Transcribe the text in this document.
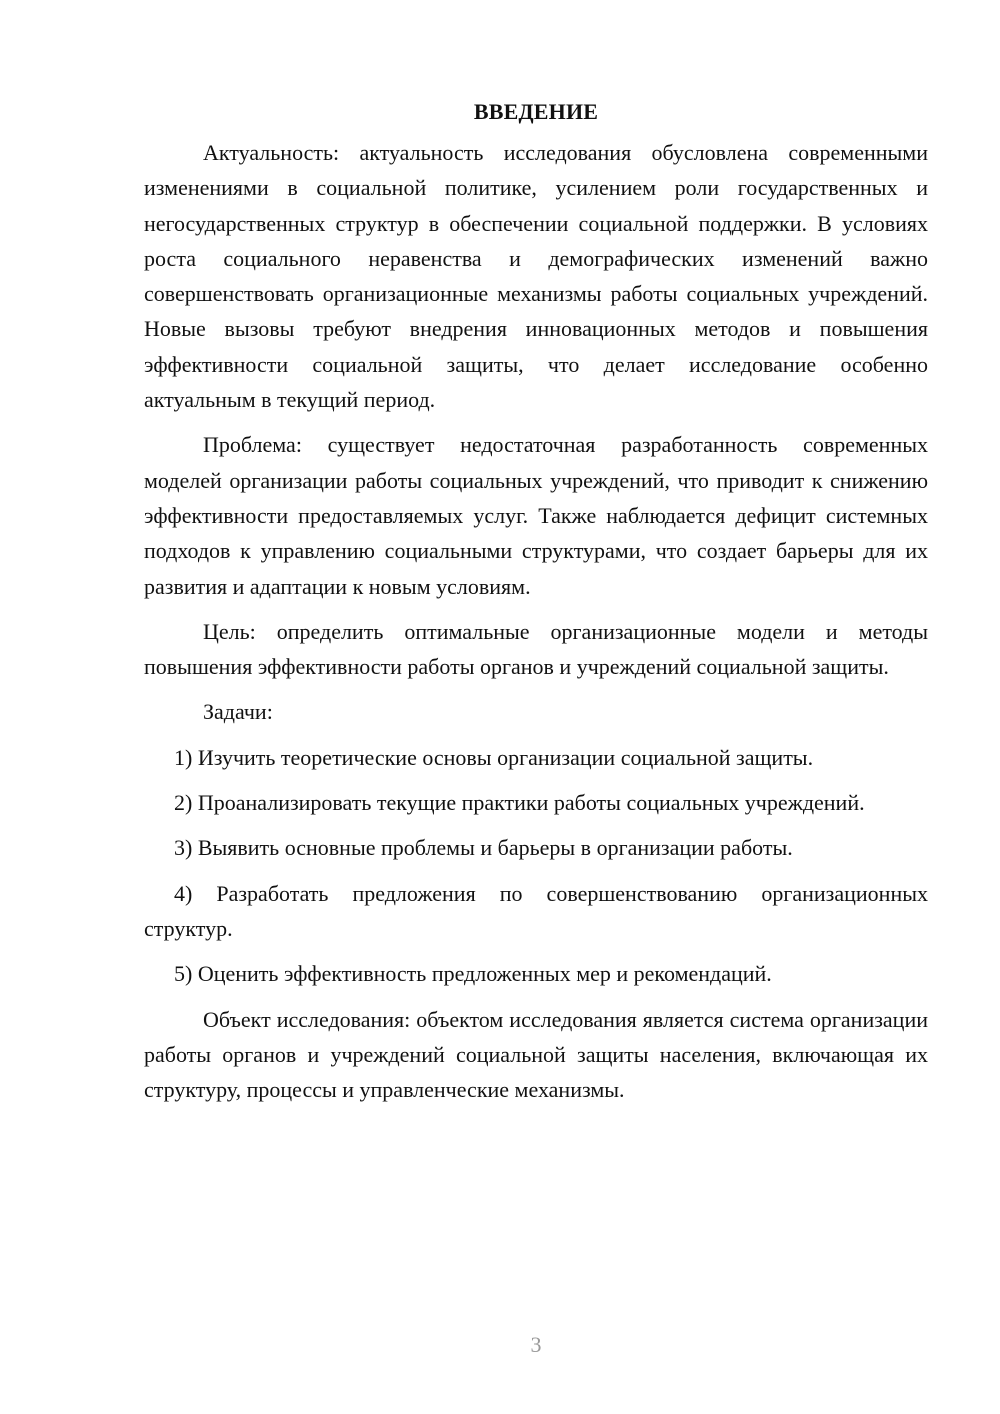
ВВЕДЕНИЕ

Актуальность: актуальность исследования обусловлена современными изменениями в социальной политике, усилением роли государственных и негосударственных структур в обеспечении социальной поддержки. В условиях роста социального неравенства и демографических изменений важно совершенствовать организационные механизмы работы социальных учреждений. Новые вызовы требуют внедрения инновационных методов и повышения эффективности социальной защиты, что делает исследование особенно актуальным в текущий период.

Проблема: существует недостаточная разработанность современных моделей организации работы социальных учреждений, что приводит к снижению эффективности предоставляемых услуг. Также наблюдается дефицит системных подходов к управлению социальными структурами, что создает барьеры для их развития и адаптации к новым условиям.

Цель: определить оптимальные организационные модели и методы повышения эффективности работы органов и учреждений социальной защиты.

Задачи:

1) Изучить теоретические основы организации социальной защиты.

2) Проанализировать текущие практики работы социальных учреждений.

3) Выявить основные проблемы и барьеры в организации работы.

4) Разработать предложения по совершенствованию организационных структур.

5) Оценить эффективность предложенных мер и рекомендаций.

Объект исследования: объектом исследования является система организации работы органов и учреждений социальной защиты населения, включающая их структуру, процессы и управленческие механизмы.

3
